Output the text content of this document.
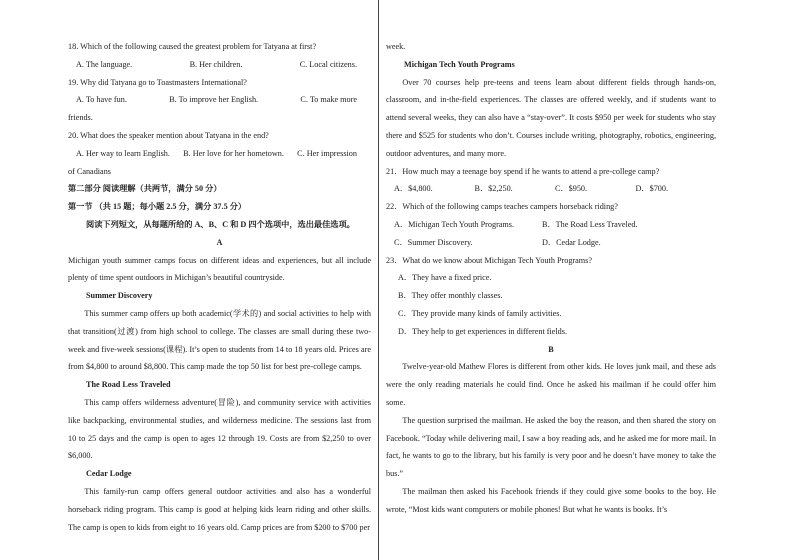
18. Which of the following caused the greatest problem for Tatyana at first?

A. The language.	B. Her children.	C. Local citizens.

19. Why did Tatyana go to Toastmasters International?

A. To have fun.	B. To improve her English.	C. To make more

friends.

20. What does the speaker mention about Tatyana in the end?

A. Her way to learn English. B. Her love for her hometown. C. Her impression

of Canadians

第二部分 阅读理解（共两节，满分 50 分）

第一节 （共 15 题；每小题 2.5 分，满分 37.5 分）

阅读下列短文，从每题所给的 A、B、C 和 D 四个选项中，选出最佳选项。

A

Michigan youth summer camps focus on different ideas and experiences, but all include plenty of time spent outdoors in Michigan’s beautiful countryside.

Summer Discovery

This summer camp offers up both academic(学术的) and social activities to help with that transition(过渡) from high school to college. The classes are small during these two-week and five-week sessions(课程). It’s open to students from 14 to 18 years old. Prices are from $4,800 to around $8,800. This camp made the top 50 list for best pre-college camps.

The Road Less Traveled

This camp offers wilderness adventure(冒险), and community service with activities like backpacking, environmental studies, and wilderness medicine. The sessions last from 10 to 25 days and the camp is open to ages 12 through 19. Costs are from $2,250 to over $6,000.

Cedar Lodge

This family-run camp offers general outdoor activities and also has a wonderful horseback riding program. This camp is good at helping kids learn riding and other skills. The camp is open to kids from eight to 16 years old. Camp prices are from $200 to $700 per

week.

Michigan Tech Youth Programs

Over 70 courses help pre-teens and teens learn about different fields through hands-on, classroom, and in-the-field experiences. The classes are offered weekly, and if students want to attend several weeks, they can also have a “stay-over”. It costs $950 per week for students who stay there and $525 for students who don’t. Courses include writing, photography, robotics, engineering, outdoor adventures, and many more.

21．How much may a teenage boy spend if he wants to attend a pre-college camp?

A．$4,800.	B．$2,250.	C．$950.	D．$700.

22．Which of the following camps teaches campers horseback riding?

A．Michigan Tech Youth Programs.	B．The Road Less Traveled.
C．Summer Discovery.	D．Cedar Lodge.

23．What do we know about Michigan Tech Youth Programs?

A．They have a fixed price.

B．They offer monthly classes.

C．They provide many kinds of family activities.

D．They help to get experiences in different fields.

B

Twelve-year-old Mathew Flores is different from other kids. He loves junk mail, and these ads were the only reading materials he could find. Once he asked his mailman if he could offer him some.

The question surprised the mailman. He asked the boy the reason, and then shared the story on Facebook. “Today while delivering mail, I saw a boy reading ads, and he asked me for more mail. In fact, he wants to go to the library, but his family is very poor and he doesn’t have money to take the bus.”

The mailman then asked his Facebook friends if they could give some books to the boy. He wrote, “Most kids want computers or mobile phones! But what he wants is books. It’s
